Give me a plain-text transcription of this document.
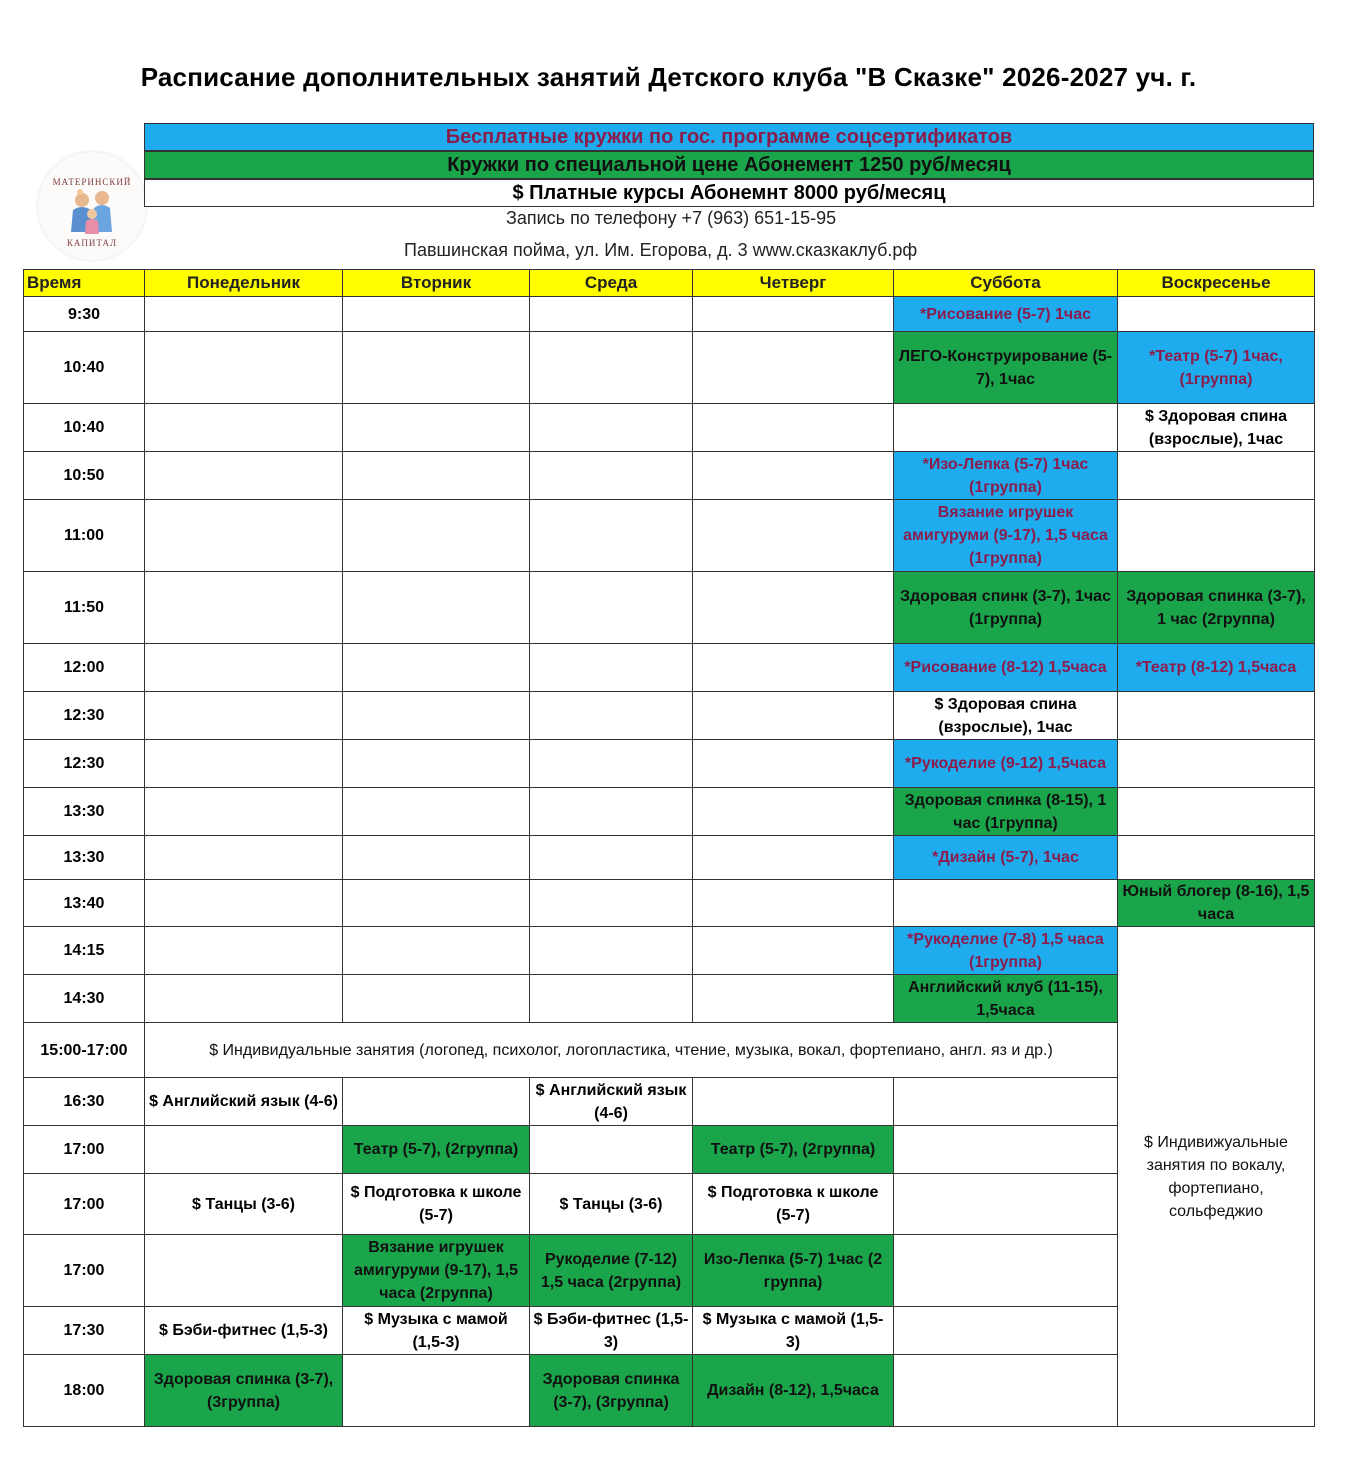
Расписание дополнительных занятий Детского клуба "В Сказке" 2026-2027 уч. г.
МАТЕРИНСКИЙ
КАПИТАЛ
Бесплатные кружки по гос. программе соцсертификатов
Кружки по специальной цене Абонемент 1250 руб/месяц
$ Платные курсы Абонемнт 8000 руб/месяц
Запись по телефону +7 (963) 651-15-95
Павшинская пойма, ул. Им. Егорова, д. 3 www.сказкаклуб.рф
Время	Понедельник	Вторник	Среда	Четверг	Суббота	Воскресенье	
9:30					*Рисование (5-7) 1час		
10:40					ЛЕГО-Конструирование (5-7), 1час	*Театр (5-7) 1час, (1группа)	
10:40						$ Здоровая спина (взрослые), 1час	
10:50					*Изо-Лепка (5-7) 1час (1группа)		
11:00					Вязание игрушек амигуруми (9-17), 1,5 часа (1группа)		
11:50					Здоровая спинк (3-7), 1час (1группа)	Здоровая спинка (3-7), 1 час (2группа)	
12:00					*Рисование (8-12) 1,5часа	*Театр (8-12) 1,5часа	
12:30					$ Здоровая спина (взрослые), 1час		
12:30					*Рукоделие (9-12) 1,5часа		
13:30					Здоровая спинка (8-15), 1 час (1группа)		
13:30					*Дизайн (5-7), 1час		
13:40						Юный блогер (8-16), 1,5 часа	
14:15					*Рукоделие (7-8) 1,5 часа (1группа)	$ Индивижуальные занятия по вокалу, фортепиано, сольфеджио	
14:30					Английский клуб (11-15), 1,5часа		
15:00-17:00	$ Индивидуальные занятия (логопед, психолог, логопластика, чтение, музыка, вокал, фортепиано, англ. яз и др.)						
16:30	$ Английский язык (4-6)		$ Английский язык (4-6)				
17:00		Театр (5-7), (2группа)		Театр (5-7), (2группа)			
17:00	$ Танцы (3-6)	$ Подготовка к школе (5-7)	$ Танцы (3-6)	$ Подготовка к школе (5-7)			
17:00		Вязание игрушек амигуруми (9-17), 1,5 часа (2группа)	Рукоделие (7-12) 1,5 часа (2группа)	Изо-Лепка (5-7) 1час (2 группа)			
17:30	$ Бэби-фитнес (1,5-3)	$ Музыка с мамой (1,5-3)	$ Бэби-фитнес (1,5-3)	$ Музыка с мамой (1,5-3)			
18:00	Здоровая спинка (3-7), (3группа)		Здоровая спинка (3-7), (3группа)	Дизайн (8-12), 1,5часа			
